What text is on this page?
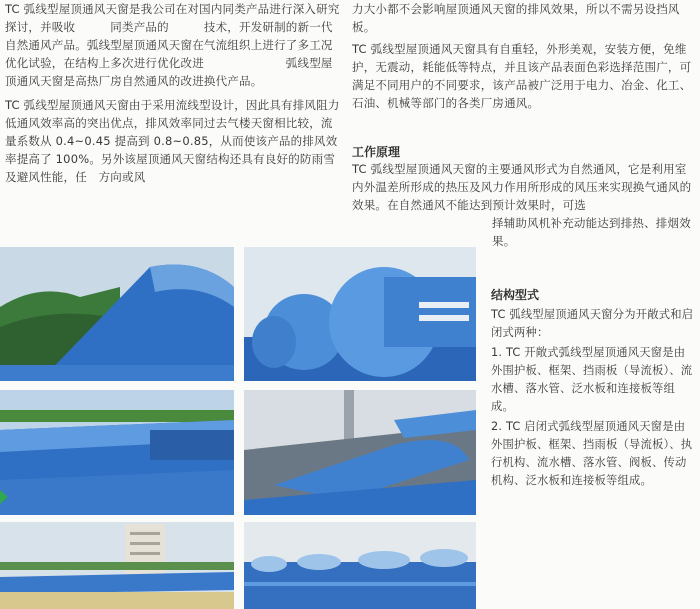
TC 弧线型屋顶通风天窗是我公司在对国内同类产品进行深入研究探讨，并吸收　　　同类产品的　　　技术，开发研制的新一代自然通风产品。弧线型屋顶通风天窗在气流组织上进行了多工况优化试验，在结构上多次进行优化改进　　　　　　　弧线型屋顶通风天窗是高热厂房自然通风的改进换代产品。

TC 弧线型屋顶通风天窗由于采用流线型设计，因此具有排风阻力低通风效率高的突出优点，排风效率同过去气楼天窗相比较，流量系数从 0.4~0.45 提高到 0.8~0.85，从而使该产品的排风效率提高了 100%。另外该屋顶通风天窗结构还具有良好的防雨雪及避风性能，任　方向或风

力大小都不会影响屋顶通风天窗的排风效果，所以不需另设挡风板。

TC 弧线型屋顶通风天窗具有自重轻，外形美观，安装方便，免维护，无震动，耗能低等特点，并且该产品表面色彩选择范围广，可满足不同用户的不同要求，该产品被广泛用于电力、冶金、化工、石油、机械等部门的各类厂房通风。

工作原理

TC 弧线型屋顶通风天窗的主要通风形式为自然通风，它是利用室内外温差所形成的热压及风力作用所形成的风压来实现换气通风的效果。在自然通风不能达到预计效果时，可选

择辅助风机补充动能达到排热、排烟效果。

结构型式

TC 弧线型屋顶通风天窗分为开敞式和启闭式两种：

1. TC 开敞式弧线型屋顶通风天窗是由外围护板、框架、挡雨板（导流板）、流水槽、落水管、泛水板和连接板等组成。

2. TC 启闭式弧线型屋顶通风天窗是由外围护板、框架、挡雨板（导流板）、执行机构、流水槽、落水管、阀板、传动机构、泛水板和连接板等组成。
